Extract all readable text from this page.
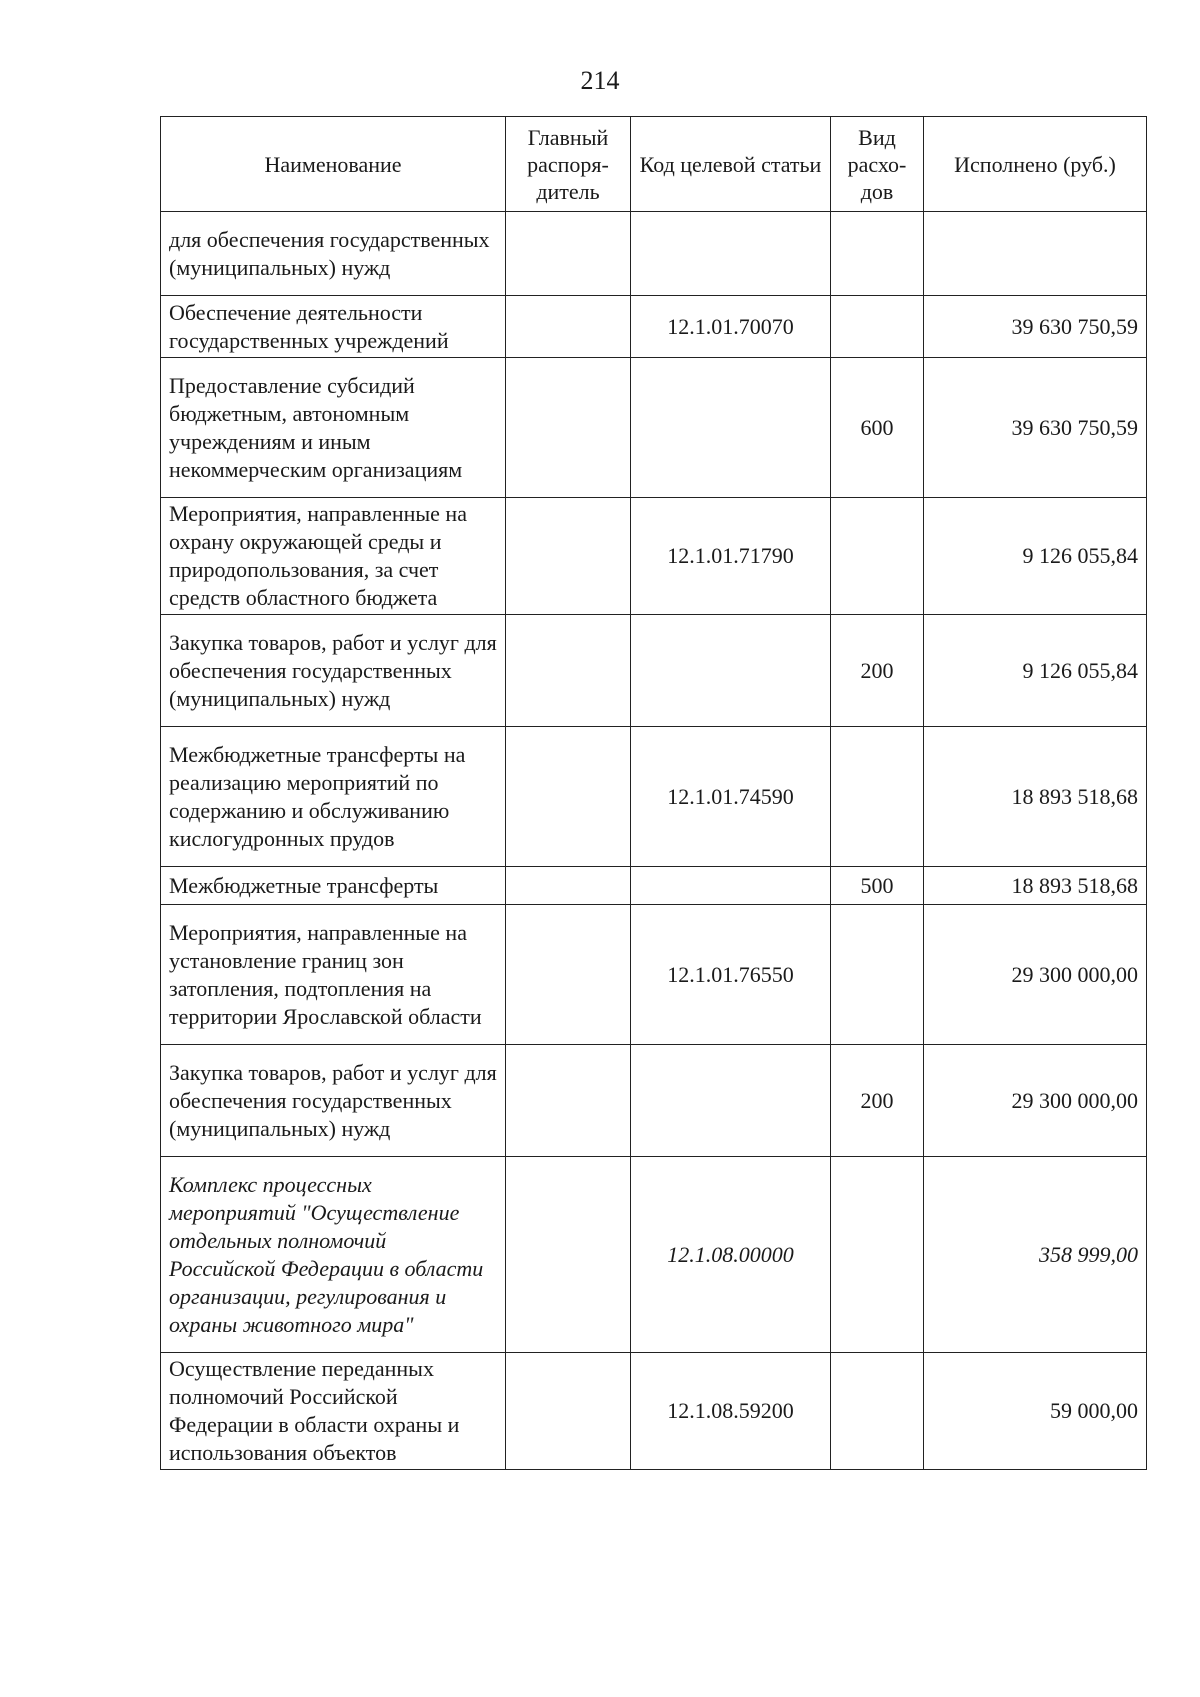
214
Наименование	Главный распоря-дитель	Код целевой статьи	Вид расхо-дов	Исполнено (руб.)
для обеспечения государственных (муниципальных) нужд				
Обеспечение деятельности государственных учреждений		12.1.01.70070		39 630 750,59
Предоставление субсидий бюджетным, автономным учреждениям и иным некоммерческим организациям			600	39 630 750,59
Мероприятия, направленные на охрану окружающей среды и природопользования, за счет средств областного бюджета		12.1.01.71790		9 126 055,84
Закупка товаров, работ и услуг для обеспечения государственных (муниципальных) нужд			200	9 126 055,84
Межбюджетные трансферты на реализацию мероприятий по содержанию и обслуживанию кислогудронных прудов		12.1.01.74590		18 893 518,68
Межбюджетные трансферты			500	18 893 518,68
Мероприятия, направленные на установление границ зон затопления, подтопления на территории Ярославской области		12.1.01.76550		29 300 000,00
Закупка товаров, работ и услуг для обеспечения государственных (муниципальных) нужд			200	29 300 000,00
Комплекс процессных мероприятий "Осуществление отдельных полномочий Российской Федерации в области организации, регулирования и охраны животного мира"		12.1.08.00000		358 999,00
Осуществление переданных полномочий Российской Федерации в области охраны и использования объектов		12.1.08.59200		59 000,00
